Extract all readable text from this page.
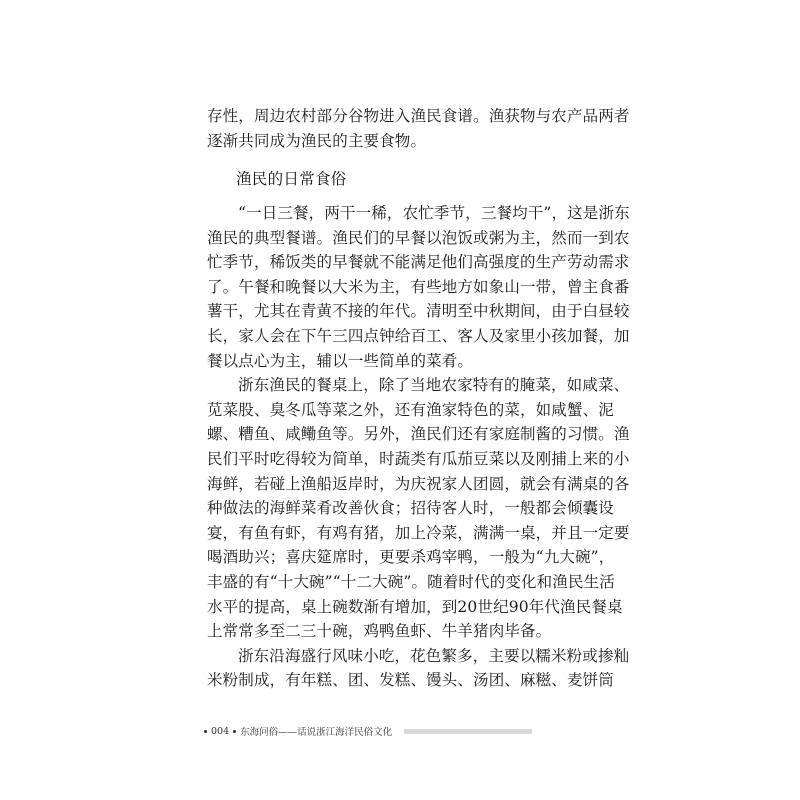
存性，周边农村部分谷物进入渔民食谱。渔获物与农产品两者
逐渐共同成为渔民的主要食物。
渔民的日常食俗
“一日三餐，两干一稀，农忙季节，三餐均干”，这是浙东
渔民的典型餐谱。渔民们的早餐以泡饭或粥为主，然而一到农
忙季节，稀饭类的早餐就不能满足他们高强度的生产劳动需求
了。午餐和晚餐以大米为主，有些地方如象山一带，曾主食番
薯干，尤其在青黄不接的年代。清明至中秋期间，由于白昼较
长，家人会在下午三四点钟给百工、客人及家里小孩加餐，加
餐以点心为主，辅以一些简单的菜肴。
浙东渔民的餐桌上，除了当地农家特有的腌菜，如咸菜、
苋菜股、臭冬瓜等菜之外，还有渔家特色的菜，如咸蟹、泥
螺、糟鱼、咸鳓鱼等。另外，渔民们还有家庭制酱的习惯。渔
民们平时吃得较为简单，时蔬类有瓜茄豆菜以及刚捕上来的小
海鲜，若碰上渔船返岸时，为庆祝家人团圆，就会有满桌的各
种做法的海鲜菜肴改善伙食；招待客人时，一般都会倾囊设
宴，有鱼有虾，有鸡有猪，加上冷菜，满满一桌，并且一定要
喝酒助兴；喜庆筵席时，更要杀鸡宰鸭，一般为“九大碗”，
丰盛的有“十大碗”“十二大碗”。随着时代的变化和渔民生活
水平的提高，桌上碗数渐有增加，到20世纪90年代渔民餐桌
上常常多至二三十碗，鸡鸭鱼虾、牛羊猪肉毕备。
浙东沿海盛行风味小吃，花色繁多，主要以糯米粉或掺籼
米粉制成，有年糕、团、发糕、馒头、汤团、麻糍、麦饼筒
004 东海问俗——话说浙江海洋民俗文化
